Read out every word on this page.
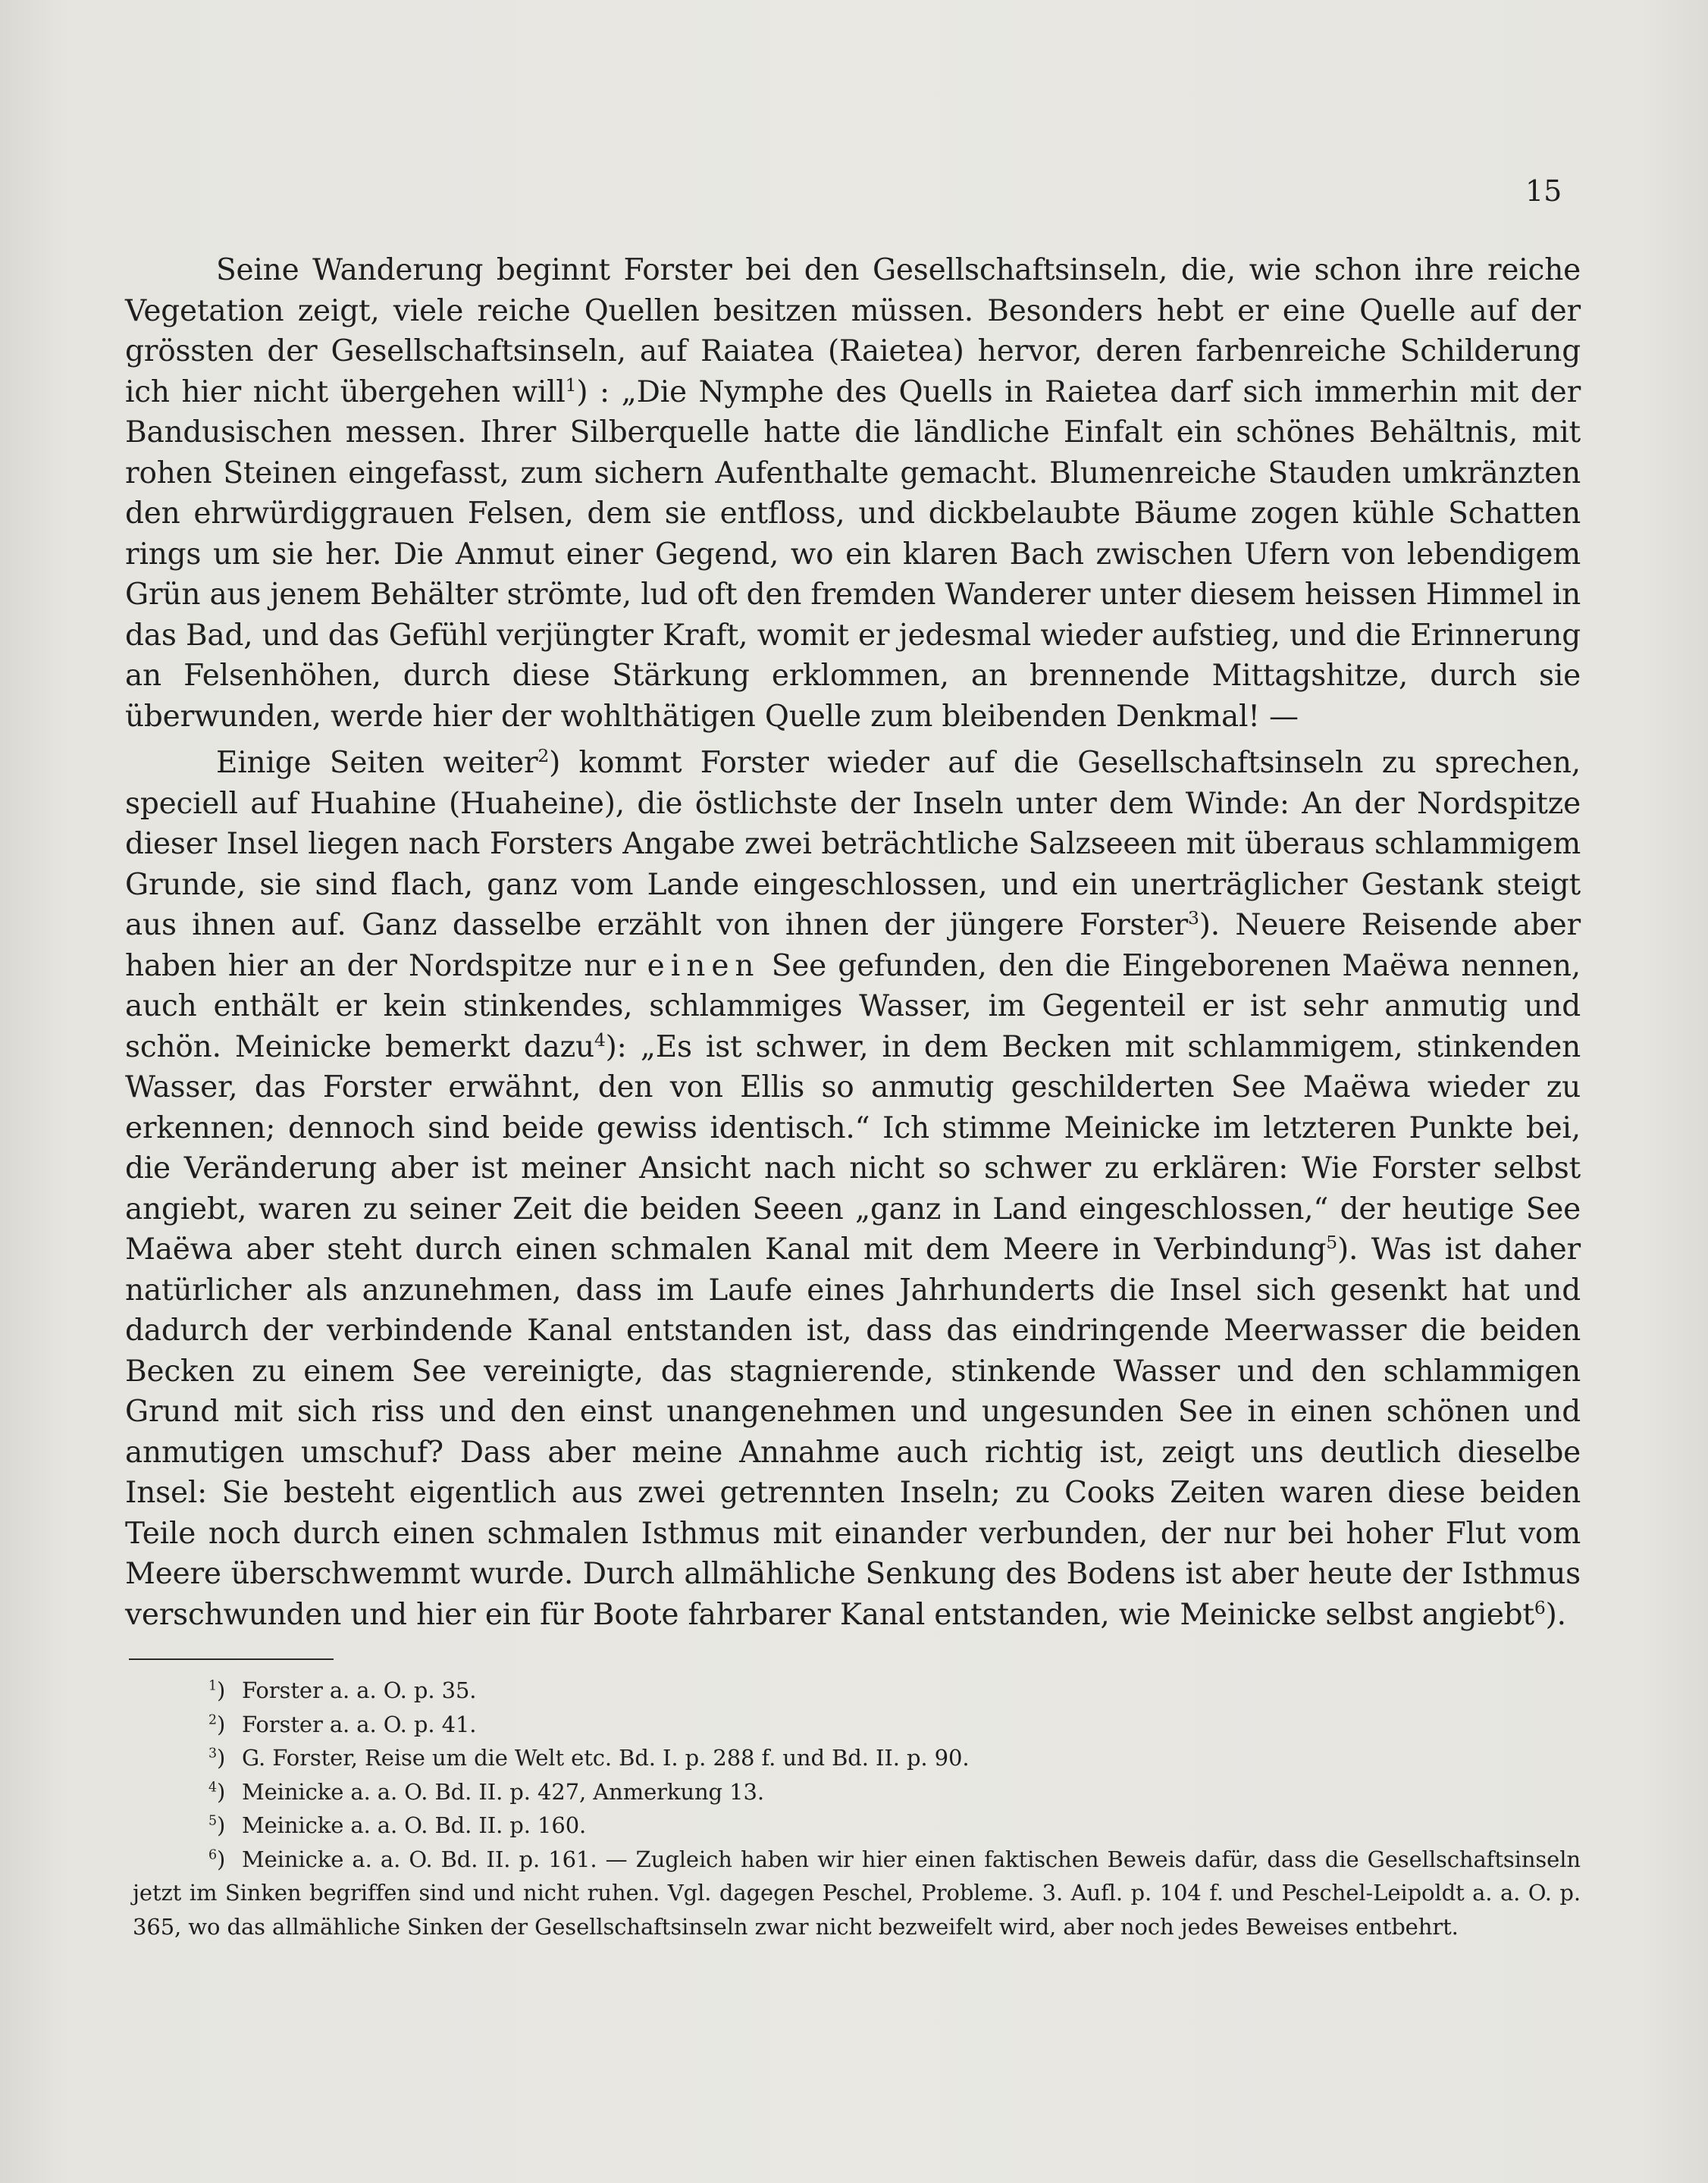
15

Seine Wanderung beginnt Forster bei den Gesellschaftsinseln, die, wie schon ihre reiche Vegetation zeigt, viele reiche Quellen besitzen müssen. Besonders hebt er eine Quelle auf der grössten der Gesellschaftsinseln, auf Raiatea (Raietea) hervor, deren farbenreiche Schilderung ich hier nicht übergehen will$^1$) : „Die Nymphe des Quells in Raietea darf sich immerhin mit der Bandusischen messen. Ihrer Silberquelle hatte die ländliche Einfalt ein schönes Behältnis, mit rohen Steinen eingefasst, zum sichern Aufenthalte gemacht. Blumenreiche Stauden umkränzten den ehrwürdiggrauen Felsen, dem sie entfloss, und dickbelaubte Bäume zogen kühle Schatten rings um sie her. Die Anmut einer Gegend, wo ein klaren Bach zwischen Ufern von lebendigem Grün aus jenem Behälter strömte, lud oft den fremden Wanderer unter diesem heissen Himmel in das Bad, und das Gefühl verjüngter Kraft, womit er jedesmal wieder aufstieg, und die Erinnerung an Felsenhöhen, durch diese Stärkung erklommen, an brennende Mittagshitze, durch sie überwunden, werde hier der wohlthätigen Quelle zum bleibenden Denkmal! —

Einige Seiten weiter$^2$) kommt Forster wieder auf die Gesellschaftsinseln zu sprechen, speciell auf Huahine (Huaheine), die östlichste der Inseln unter dem Winde: An der Nordspitze dieser Insel liegen nach Forsters Angabe zwei beträchtliche Salzseeen mit überaus schlammigem Grunde, sie sind flach, ganz vom Lande eingeschlossen, und ein unerträglicher Gestank steigt aus ihnen auf. Ganz dasselbe erzählt von ihnen der jüngere Forster$^3$). Neuere Reisende aber haben hier an der Nordspitze nur einen See gefunden, den die Eingeborenen Maëwa nennen, auch enthält er kein stinkendes, schlammiges Wasser, im Gegenteil er ist sehr anmutig und schön. Meinicke bemerkt dazu$^4$): „Es ist schwer, in dem Becken mit schlammigem, stinkenden Wasser, das Forster erwähnt, den von Ellis so anmutig geschilderten See Maëwa wieder zu erkennen; dennoch sind beide gewiss identisch.“ Ich stimme Meinicke im letzteren Punkte bei, die Veränderung aber ist meiner Ansicht nach nicht so schwer zu erklären: Wie Forster selbst angiebt, waren zu seiner Zeit die beiden Seeen „ganz in Land eingeschlossen,“ der heutige See Maëwa aber steht durch einen schmalen Kanal mit dem Meere in Verbindung$^5$). Was ist daher natürlicher als anzunehmen, dass im Laufe eines Jahrhunderts die Insel sich gesenkt hat und dadurch der verbindende Kanal entstanden ist, dass das eindringende Meerwasser die beiden Becken zu einem See vereinigte, das stagnierende, stinkende Wasser und den schlammigen Grund mit sich riss und den einst unangenehmen und ungesunden See in einen schönen und anmutigen umschuf? Dass aber meine Annahme auch richtig ist, zeigt uns deutlich dieselbe Insel: Sie besteht eigentlich aus zwei getrennten Inseln; zu Cooks Zeiten waren diese beiden Teile noch durch einen schmalen Isthmus mit einander verbunden, der nur bei hoher Flut vom Meere überschwemmt wurde. Durch allmähliche Senkung des Bodens ist aber heute der Isthmus verschwunden und hier ein für Boote fahrbarer Kanal entstanden, wie Meinicke selbst angiebt$^6$).

$^1$) Forster a. a. O. p. 35.

$^2$) Forster a. a. O. p. 41.

$^3$) G. Forster, Reise um die Welt etc. Bd. I. p. 288 f. und Bd. II. p. 90.

$^4$) Meinicke a. a. O. Bd. II. p. 427, Anmerkung 13.

$^5$) Meinicke a. a. O. Bd. II. p. 160.

$^6$) Meinicke a. a. O. Bd. II. p. 161. — Zugleich haben wir hier einen faktischen Beweis dafür, dass die Gesellschaftsinseln jetzt im Sinken begriffen sind und nicht ruhen. Vgl. dagegen Peschel, Probleme. 3. Aufl. p. 104 f. und Peschel-Leipoldt a. a. O. p. 365, wo das allmähliche Sinken der Gesellschaftsinseln zwar nicht bezweifelt wird, aber noch jedes Beweises entbehrt.
